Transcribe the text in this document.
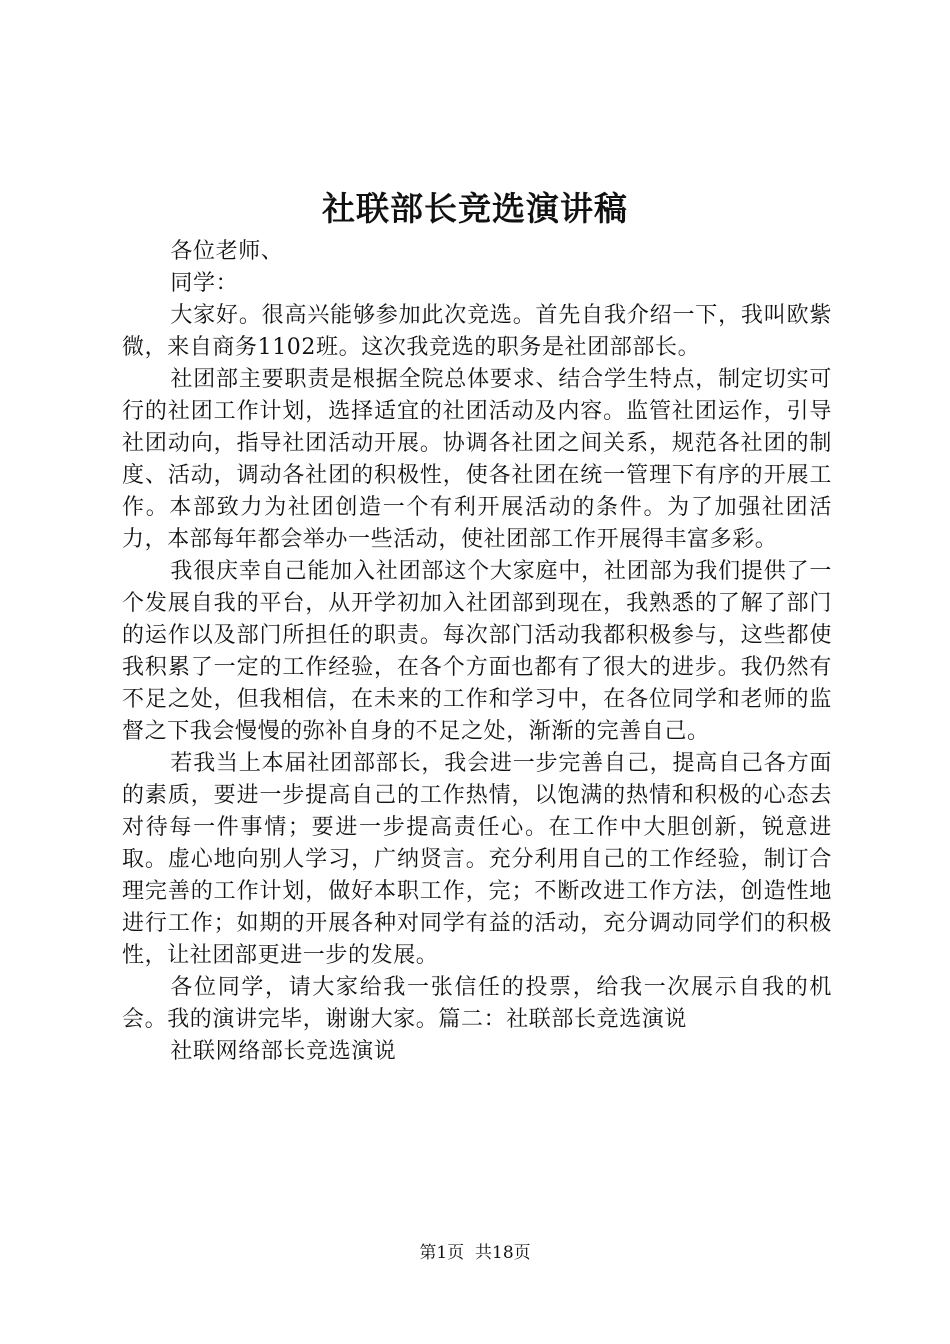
社联部长竞选演讲稿

各位老师、

同学：

大家好。很高兴能够参加此次竞选。首先自我介绍一下，我叫欧紫微，来自商务1102班。这次我竞选的职务是社团部部长。

社团部主要职责是根据全院总体要求、结合学生特点，制定切实可行的社团工作计划，选择适宜的社团活动及内容。监管社团运作，引导社团动向，指导社团活动开展。协调各社团之间关系，规范各社团的制度、活动，调动各社团的积极性，使各社团在统一管理下有序的开展工作。本部致力为社团创造一个有利开展活动的条件。为了加强社团活力，本部每年都会举办一些活动，使社团部工作开展得丰富多彩。

我很庆幸自己能加入社团部这个大家庭中，社团部为我们提供了一个发展自我的平台，从开学初加入社团部到现在，我熟悉的了解了部门的运作以及部门所担任的职责。每次部门活动我都积极参与，这些都使我积累了一定的工作经验，在各个方面也都有了很大的进步。我仍然有不足之处，但我相信，在未来的工作和学习中，在各位同学和老师的监督之下我会慢慢的弥补自身的不足之处，渐渐的完善自己。

若我当上本届社团部部长，我会进一步完善自己，提高自己各方面的素质，要进一步提高自己的工作热情，以饱满的热情和积极的心态去对待每一件事情；要进一步提高责任心。在工作中大胆创新，锐意进取。虚心地向别人学习，广纳贤言。充分利用自己的工作经验，制订合理完善的工作计划，做好本职工作，完；不断改进工作方法，创造性地进行工作；如期的开展各种对同学有益的活动，充分调动同学们的积极性，让社团部更进一步的发展。

各位同学，请大家给我一张信任的投票，给我一次展示自我的机会。我的演讲完毕，谢谢大家。篇二：社联部长竞选演说

社联网络部长竞选演说

第1页 共18页
